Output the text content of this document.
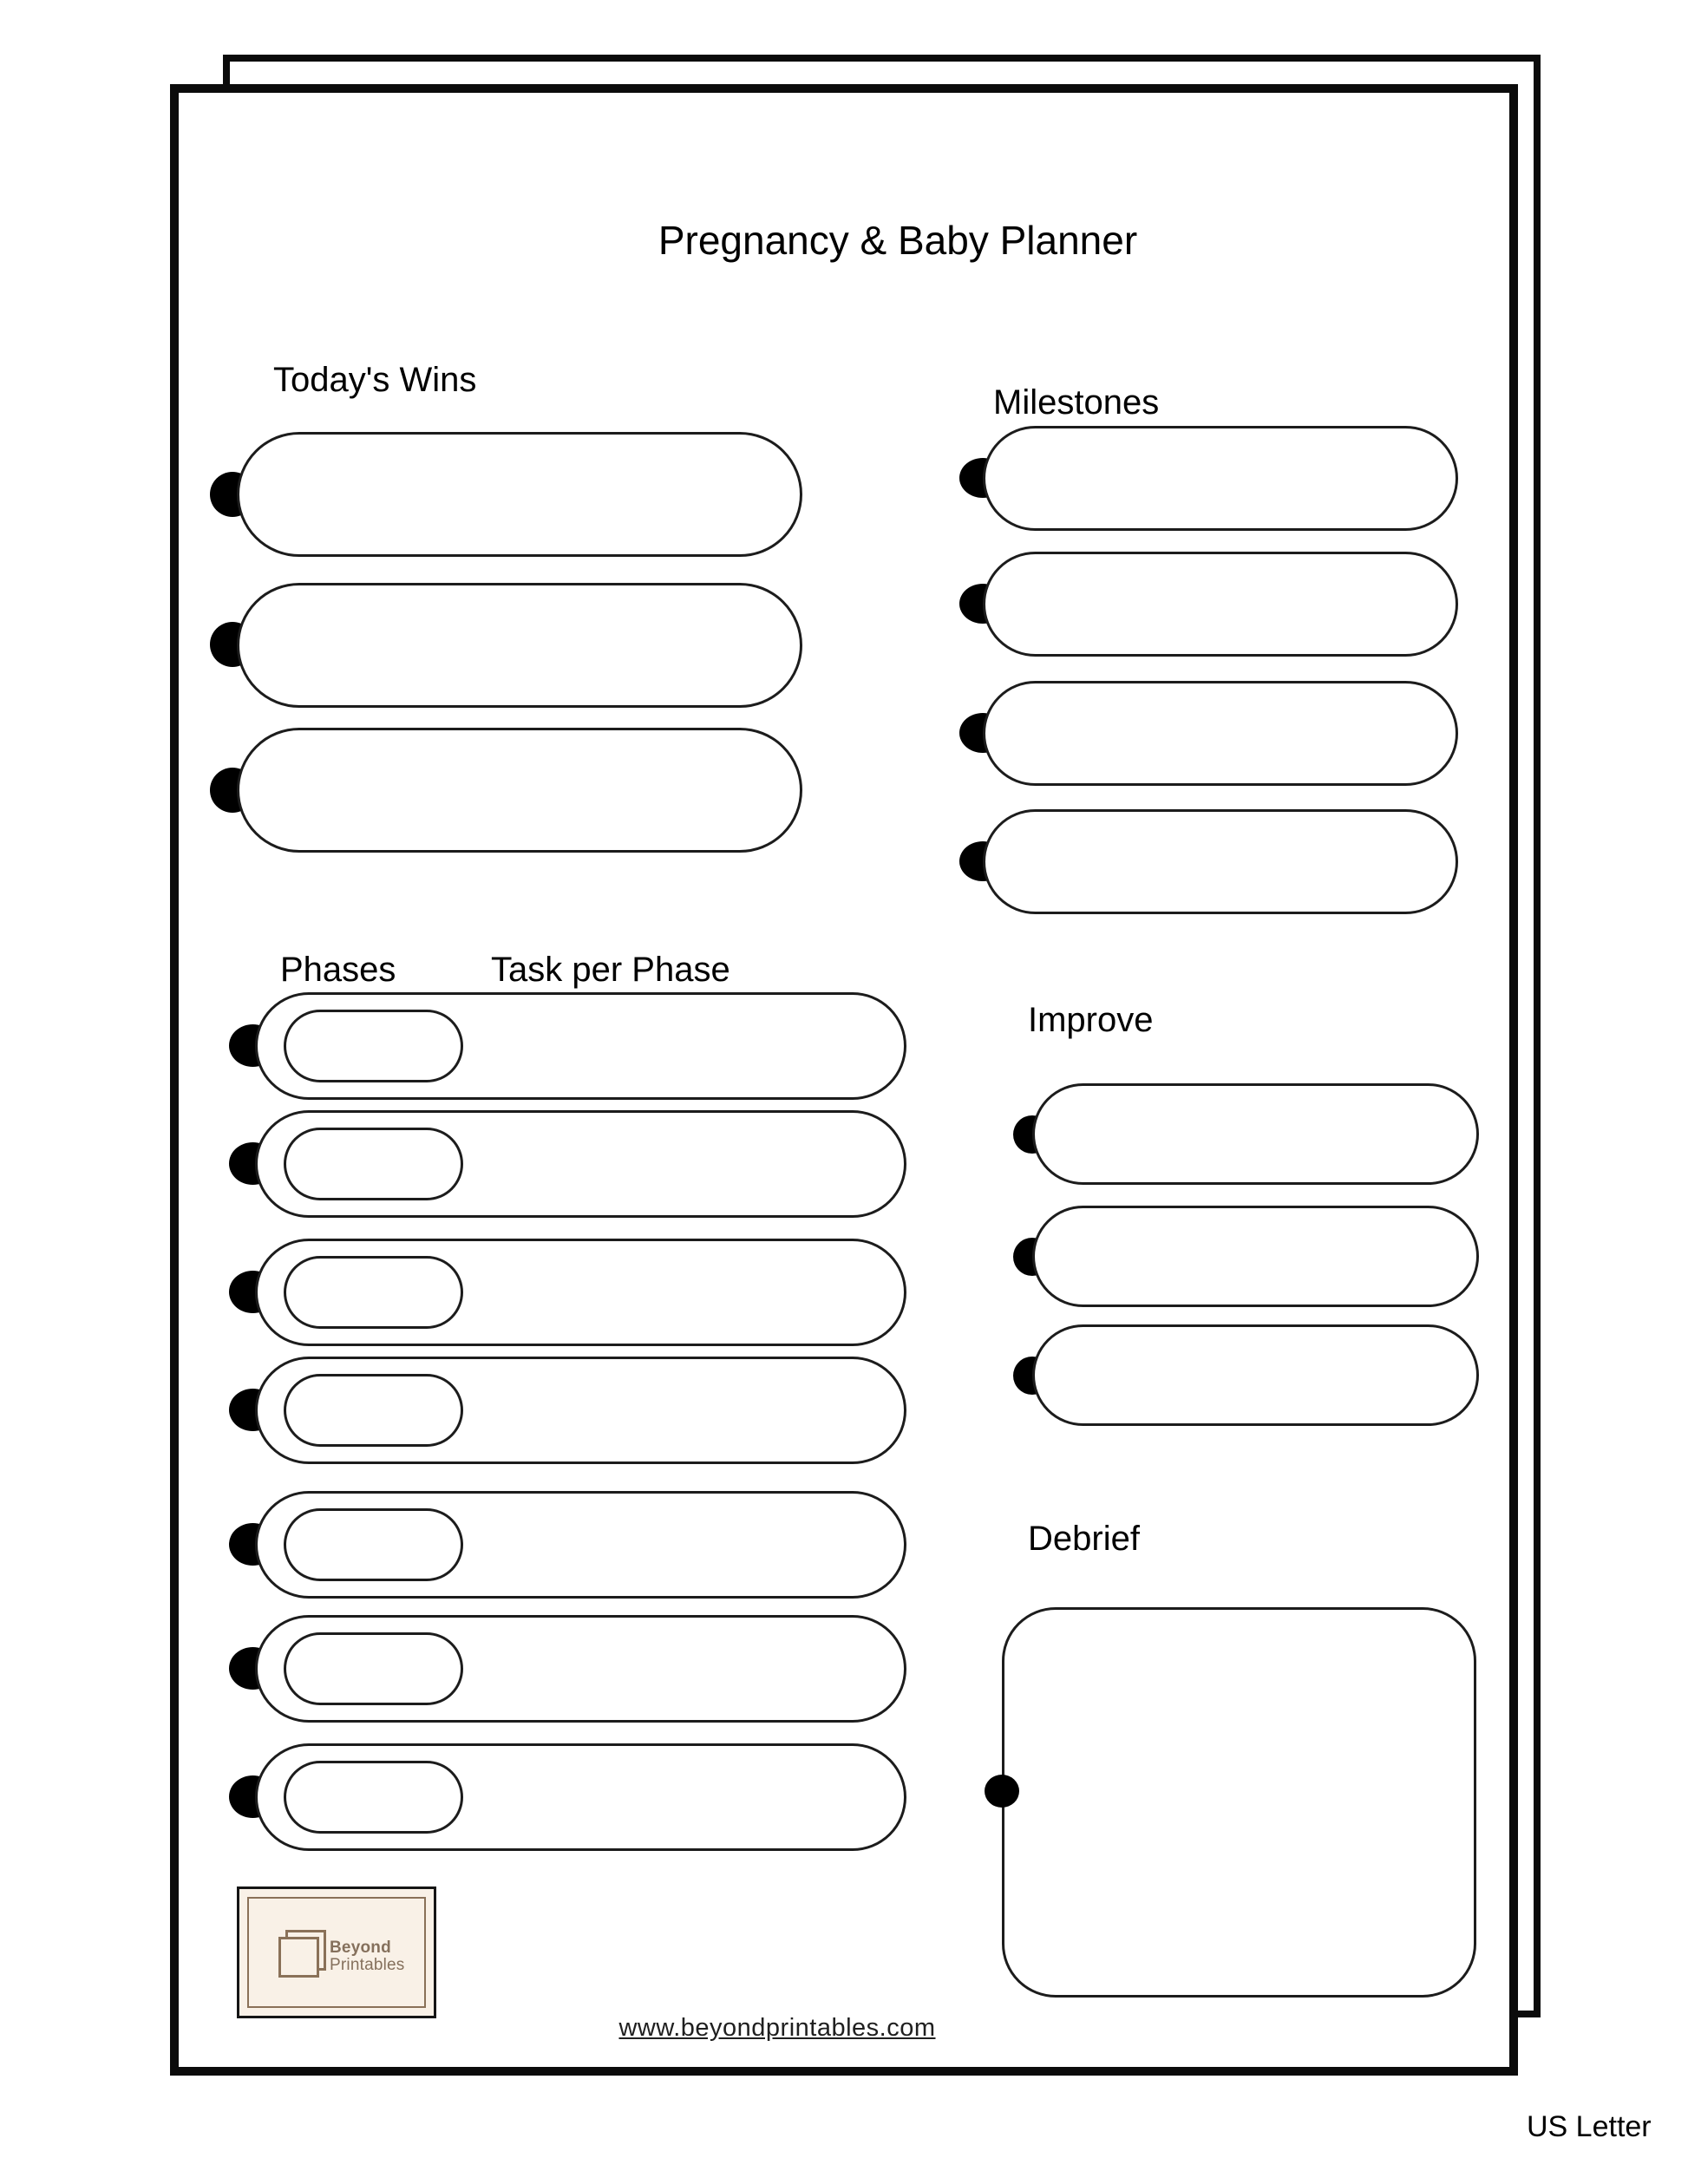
Pregnancy & Baby Planner
Today's Wins
Milestones
Phases	Task per Phase
Improve
Debrief
Beyond
Printables
www.beyondprintables.com
US Letter
